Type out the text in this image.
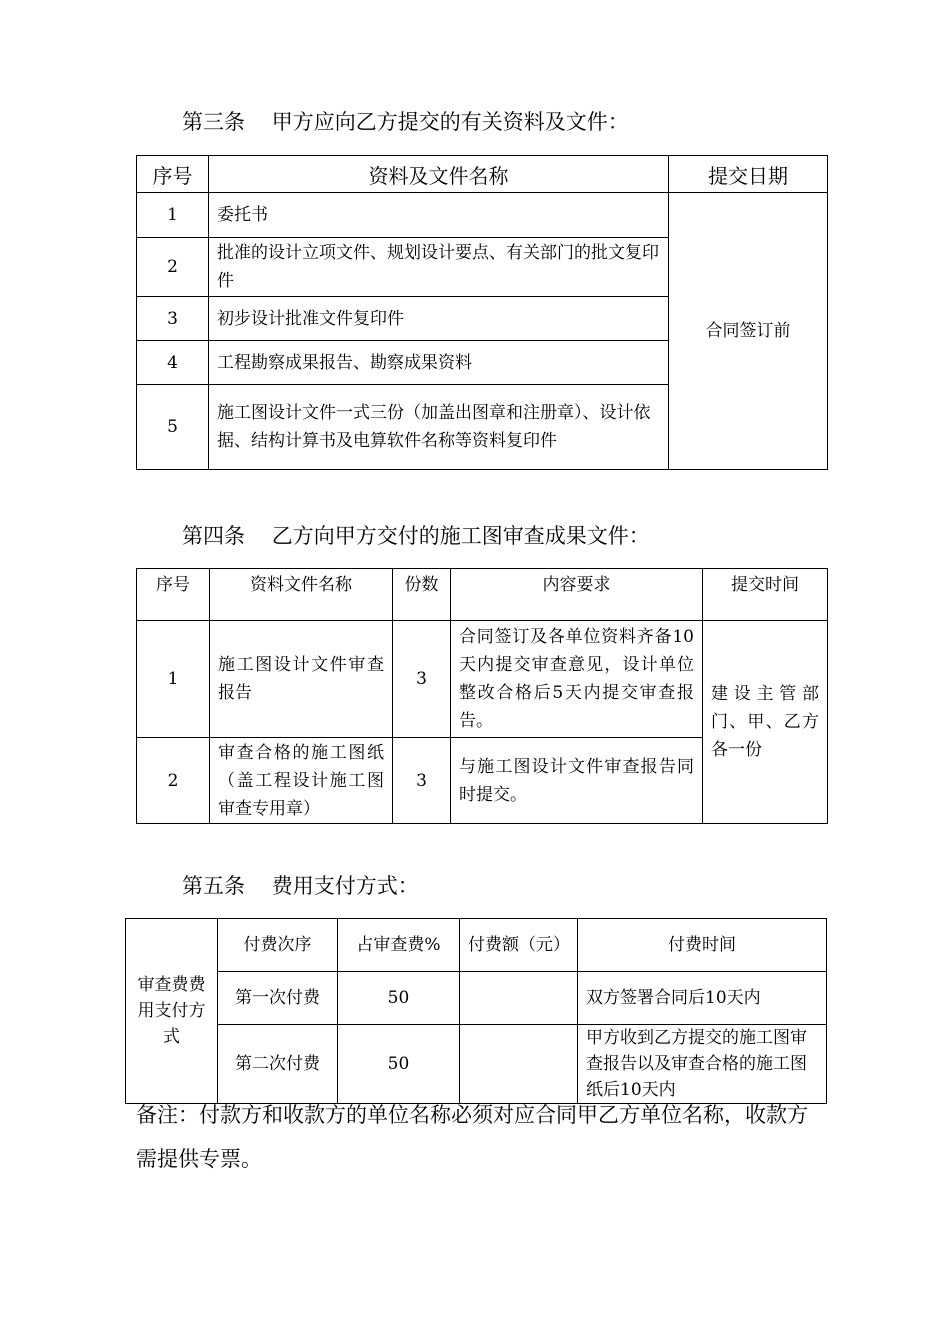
第三条    甲方应向乙方提交的有关资料及文件：
序号	资料及文件名称	提交日期
1	委托书	合同签订前
2	批准的设计立项文件、规划设计要点、有关部门的批文复印件	
3	初步设计批准文件复印件	
4	工程勘察成果报告、勘察成果资料	
5	施工图设计文件一式三份（加盖出图章和注册章）、设计依据、结构计算书及电算软件名称等资料复印件	
第四条    乙方向甲方交付的施工图审查成果文件：
序号	资料文件名称	份数	内容要求	提交时间
1	施工图设计文件审查报告	3	合同签订及各单位资料齐备10天内提交审查意见，设计单位整改合格后5天内提交审查报告。	建设主管部门、甲、乙方各一份
2	审查合格的施工图纸（盖工程设计施工图审查专用章）	3	与施工图设计文件审查报告同时提交。	
第五条    费用支付方式：
审查费费用支付方式	付费次序	占审查费%	付费额（元）	付费时间
	第一次付费	50		双方签署合同后10天内
	第二次付费	50		甲方收到乙方提交的施工图审查报告以及审查合格的施工图纸后10天内
备注：付款方和收款方的单位名称必须对应合同甲乙方单位名称，收款方需提供专票。
